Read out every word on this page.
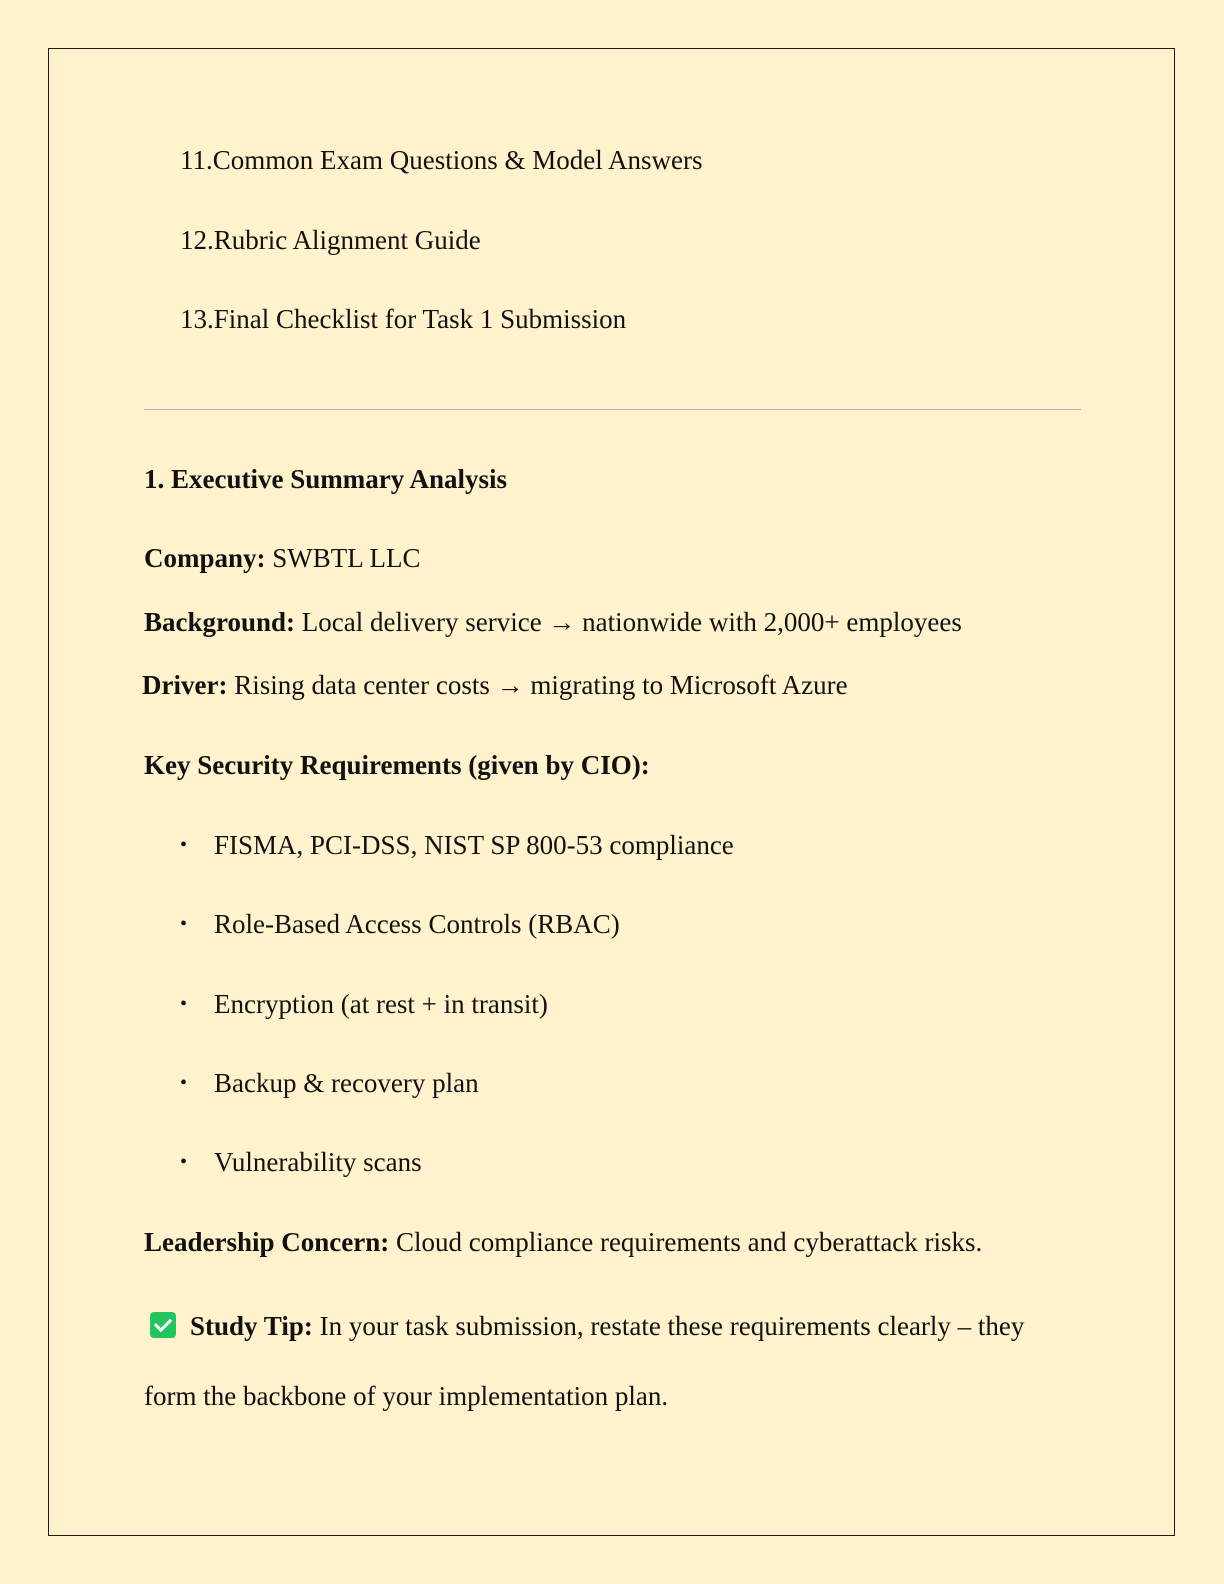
11.Common Exam Questions & Model Answers
12.Rubric Alignment Guide
13.Final Checklist for Task 1 Submission
1. Executive Summary Analysis
Company: SWBTL LLC
Background: Local delivery service → nationwide with 2,000+ employees
Driver: Rising data center costs → migrating to Microsoft Azure
Key Security Requirements (given by CIO):
• FISMA, PCI-DSS, NIST SP 800-53 compliance
• Role-Based Access Controls (RBAC)
• Encryption (at rest + in transit)
• Backup & recovery plan
• Vulnerability scans
Leadership Concern: Cloud compliance requirements and cyberattack risks.
Study Tip: In your task submission, restate these requirements clearly – they
form the backbone of your implementation plan.
